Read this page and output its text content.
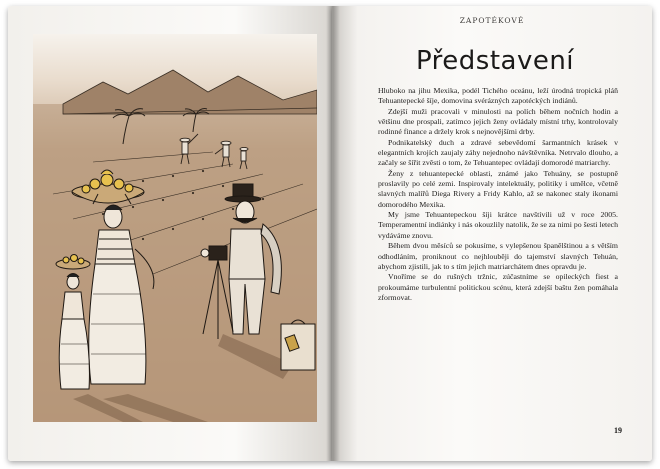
ZAPOTÉKOVÉ
Představení

Hluboko na jihu Mexika, podél Tichého oceánu, leží úrodná tropická pláň Tehuantepecké šíje, domovina svérázných zapotéckých indiánů.

Zdejší muži pracovali v minulosti na polích během nočních hodin a většinu dne prospali, zatímco jejich ženy ovládaly místní trhy, kontrolovaly rodinné finance a držely krok s nejnovějšími drby.

Podnikatelský duch a zdravé sebevědomí šarmantních krásek v elegantních krojích zaujaly záhy nejednoho návštěvníka. Netrvalo dlouho, a začaly se šířit zvěsti o tom, že Tehuantepec ovládají domorodé matriarchy.

Ženy z tehuantepecké oblasti, známé jako Tehuány, se postupně proslavily po celé zemi. Inspirovaly intelektuály, politiky i umělce, včetně slavných malířů Diega Rivery a Fridy Kahlo, až se nakonec staly ikonami domorodého Mexika.

My jsme Tehuantepeckou šíji krátce navštívili už v roce 2005. Temperamentní indiánky i nás okouzlily natolik, že se za nimi po šesti letech vydáváme znovu.

Během dvou měsíců se pokusíme, s vylepšenou španělštinou a s větším odhodláním, proniknout co nejhlouběji do tajemství slavných Tehuán, abychom zjistili, jak to s tím jejich matriarchátem dnes opravdu je.

Vnoříme se do rušných tržnic, zúčastníme se opileckých fiest a prokoumáme turbulentní politickou scénu, která zdejší baštu žen pomáhala zformovat.

19
